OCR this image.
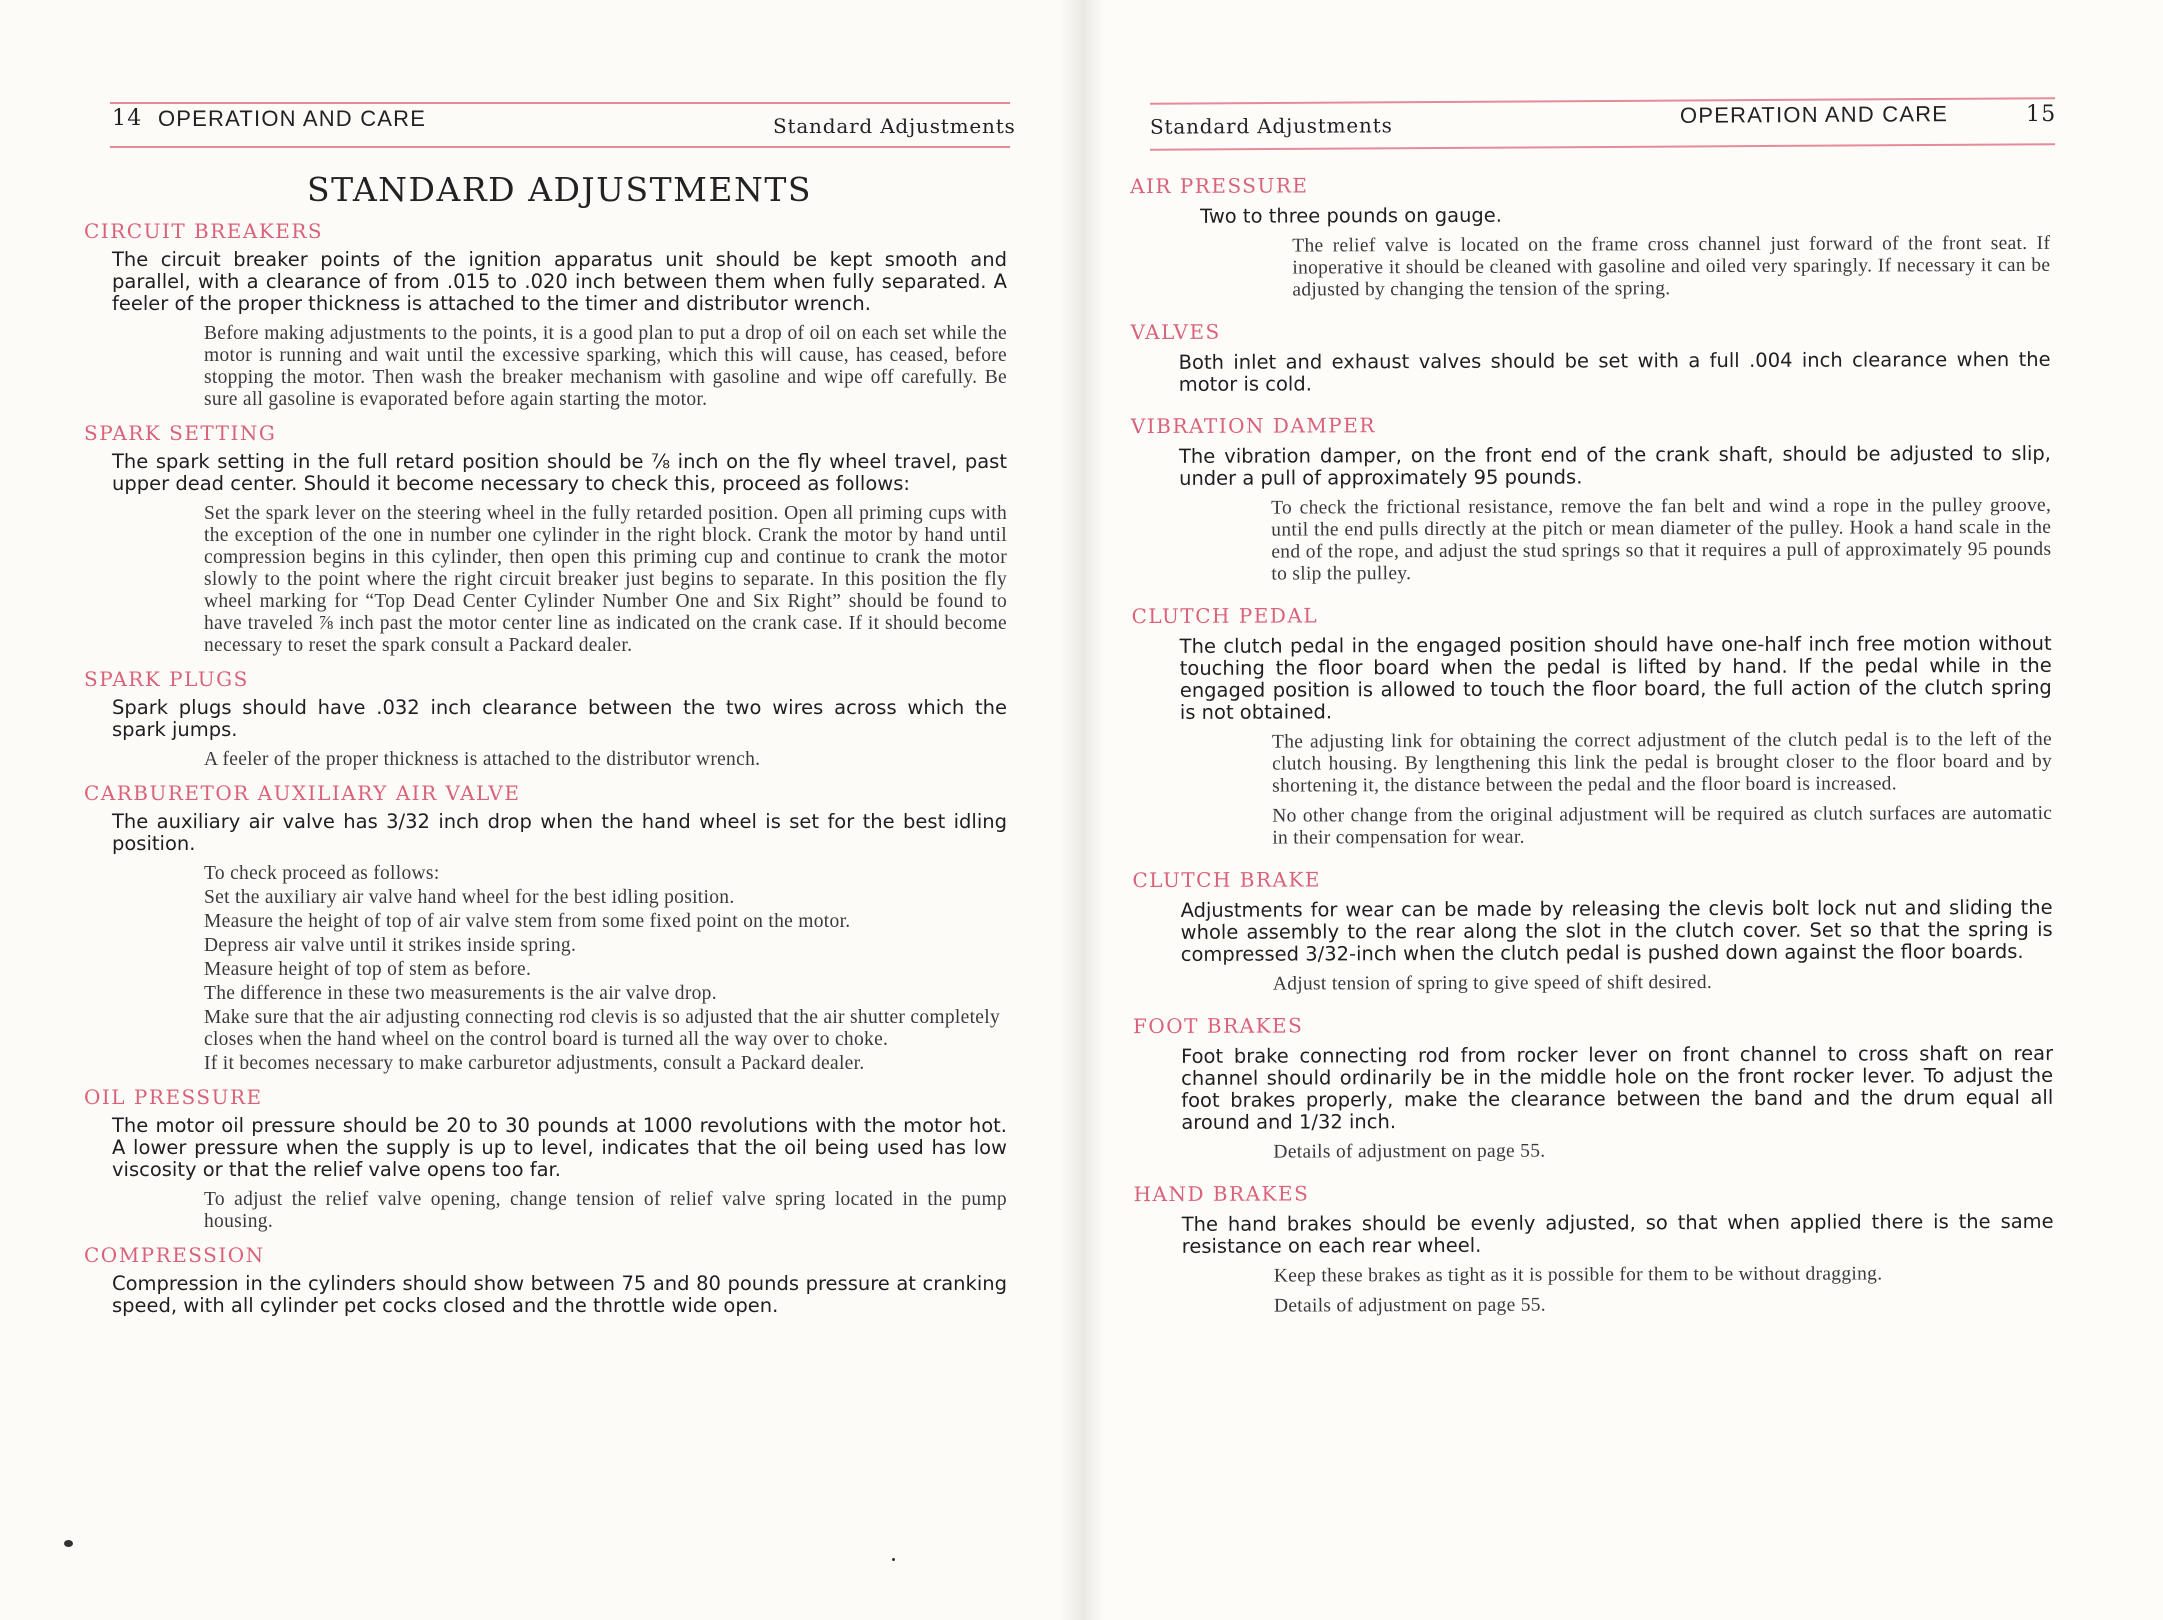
14 OPERATION AND CARE	Standard Adjustments
STANDARD ADJUSTMENTS
CIRCUIT BREAKERS

The circuit breaker points of the ignition apparatus unit should be kept smooth and parallel, with a clearance of from .015 to .020 inch between them when fully separated. A feeler of the proper thickness is attached to the timer and distributor wrench.

Before making adjustments to the points, it is a good plan to put a drop of oil on each set while the motor is running and wait until the excessive sparking, which this will cause, has ceased, before stopping the motor. Then wash the breaker mechanism with gasoline and wipe off carefully. Be sure all gasoline is evaporated before again starting the motor.

SPARK SETTING

The spark setting in the full retard position should be ⅞ inch on the fly wheel travel, past upper dead center. Should it become necessary to check this, proceed as follows:

Set the spark lever on the steering wheel in the fully retarded position. Open all priming cups with the exception of the one in number one cylinder in the right block. Crank the motor by hand until compression begins in this cylinder, then open this priming cup and continue to crank the motor slowly to the point where the right circuit breaker just begins to separate. In this position the fly wheel marking for “Top Dead Center Cylinder Number One and Six Right” should be found to have traveled ⅞ inch past the motor center line as indicated on the crank case. If it should become necessary to reset the spark consult a Packard dealer.

SPARK PLUGS

Spark plugs should have .032 inch clearance between the two wires across which the spark jumps.

A feeler of the proper thickness is attached to the distributor wrench.

CARBURETOR AUXILIARY AIR VALVE

The auxiliary air valve has 3/32 inch drop when the hand wheel is set for the best idling position.

To check proceed as follows:

Set the auxiliary air valve hand wheel for the best idling position.

Measure the height of top of air valve stem from some fixed point on the motor.

Depress air valve until it strikes inside spring.

Measure height of top of stem as before.

The difference in these two measurements is the air valve drop.

Make sure that the air adjusting connecting rod clevis is so adjusted that the air shutter completely closes when the hand wheel on the control board is turned all the way over to choke.

If it becomes necessary to make carburetor adjustments, consult a Packard dealer.

OIL PRESSURE

The motor oil pressure should be 20 to 30 pounds at 1000 revolutions with the motor hot. A lower pressure when the supply is up to level, indicates that the oil being used has low viscosity or that the relief valve opens too far.

To adjust the relief valve opening, change tension of relief valve spring located in the pump housing.

COMPRESSION

Compression in the cylinders should show between 75 and 80 pounds pressure at cranking speed, with all cylinder pet cocks closed and the throttle wide open.

Standard Adjustments	OPERATION AND CARE	15
AIR PRESSURE

Two to three pounds on gauge.

The relief valve is located on the frame cross channel just forward of the front seat. If inoperative it should be cleaned with gasoline and oiled very sparingly. If necessary it can be adjusted by changing the tension of the spring.

VALVES

Both inlet and exhaust valves should be set with a full .004 inch clearance when the motor is cold.

VIBRATION DAMPER

The vibration damper, on the front end of the crank shaft, should be adjusted to slip, under a pull of approximately 95 pounds.

To check the frictional resistance, remove the fan belt and wind a rope in the pulley groove, until the end pulls directly at the pitch or mean diameter of the pulley. Hook a hand scale in the end of the rope, and adjust the stud springs so that it requires a pull of approximately 95 pounds to slip the pulley.

CLUTCH PEDAL

The clutch pedal in the engaged position should have one-half inch free motion without touching the floor board when the pedal is lifted by hand. If the pedal while in the engaged position is allowed to touch the floor board, the full action of the clutch spring is not obtained.

The adjusting link for obtaining the correct adjustment of the clutch pedal is to the left of the clutch housing. By lengthening this link the pedal is brought closer to the floor board and by shortening it, the distance between the pedal and the floor board is increased.

No other change from the original adjustment will be required as clutch surfaces are automatic in their compensation for wear.

CLUTCH BRAKE

Adjustments for wear can be made by releasing the clevis bolt lock nut and sliding the whole assembly to the rear along the slot in the clutch cover. Set so that the spring is compressed 3/32-inch when the clutch pedal is pushed down against the floor boards.

Adjust tension of spring to give speed of shift desired.

FOOT BRAKES

Foot brake connecting rod from rocker lever on front channel to cross shaft on rear channel should ordinarily be in the middle hole on the front rocker lever. To adjust the foot brakes properly, make the clearance between the band and the drum equal all around and 1/32 inch.

Details of adjustment on page 55.

HAND BRAKES

The hand brakes should be evenly adjusted, so that when applied there is the same resistance on each rear wheel.

Keep these brakes as tight as it is possible for them to be without dragging.

Details of adjustment on page 55.
